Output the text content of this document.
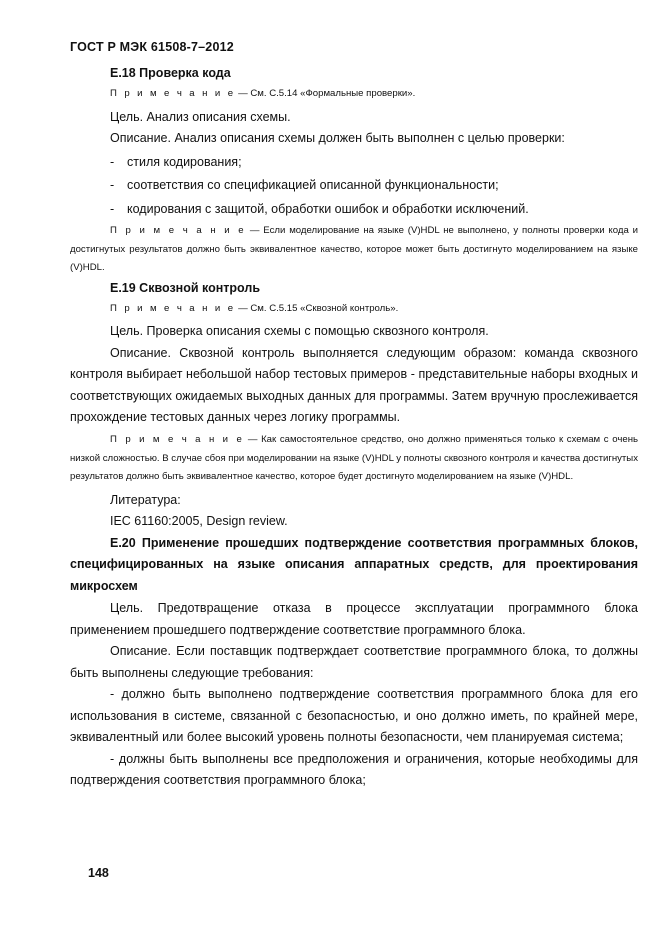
ГОСТ Р МЭК 61508-7–2012
Е.18 Проверка кода
П р и м е ч а н и е — См. С.5.14 «Формальные проверки».
Цель. Анализ описания схемы.
Описание. Анализ описания схемы должен быть выполнен с целью проверки:
-	стиля кодирования;
-	соответствия со спецификацией описанной функциональности;
-	кодирования с защитой, обработки ошибок и обработки исключений.
П р и м е ч а н и е — Если моделирование на языке (V)HDL не выполнено, у полноты проверки кода и достигнутых результатов должно быть эквивалентное качество, которое может быть достигнуто моделированием на языке (V)HDL.
Е.19 Сквозной контроль
П р и м е ч а н и е — См. С.5.15 «Сквозной контроль».
Цель. Проверка описания схемы с помощью сквозного контроля.
Описание. Сквозной контроль выполняется следующим образом: команда сквозного контроля выбирает небольшой набор тестовых примеров - представительные наборы входных и соответствующих ожидаемых выходных данных для программы. Затем вручную прослеживается прохождение тестовых данных через логику программы.
П р и м е ч а н и е — Как самостоятельное средство, оно должно применяться только к схемам с очень низкой сложностью. В случае сбоя при моделировании на языке (V)HDL у полноты сквозного контроля и качества достигнутых результатов должно быть эквивалентное качество, которое будет достигнуто моделированием на языке (V)HDL.
Литература:
IEC 61160:2005, Design review.
Е.20 Применение прошедших подтверждение соответствия программных блоков, специфицированных на языке описания аппаратных средств, для проектирования микросхем
Цель. Предотвращение отказа в процессе эксплуатации программного блока применением прошедшего подтверждение соответствие программного блока.
Описание. Если поставщик подтверждает соответствие программного блока, то должны быть выполнены следующие требования:
- должно быть выполнено подтверждение соответствия программного блока для его использования в системе, связанной с безопасностью, и оно должно иметь, по крайней мере, эквивалентный или более высокий уровень полноты безопасности, чем планируемая система;
- должны быть выполнены все предположения и ограничения, которые необходимы для подтверждения соответствия программного блока;
148
